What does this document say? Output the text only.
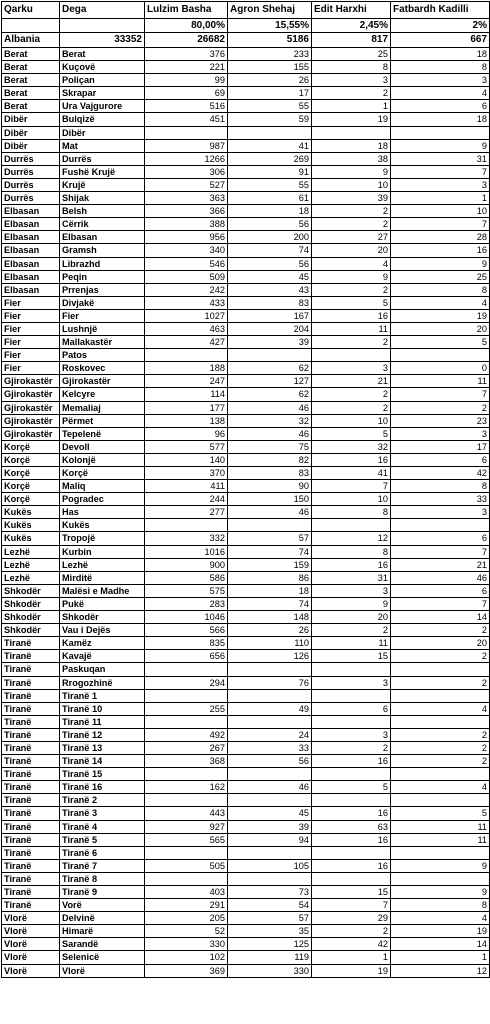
Qarku	Dega	Lulzim Basha	Agron Shehaj	Edit Harxhi	Fatbardh Kadilli
		80,00%	15,55%	2,45%	2%
Albania	33352	26682	5186	817	667
Berat	Berat	376	233	25	18
Berat	Kuçovë	221	155	8	8
Berat	Poliçan	99	26	3	3
Berat	Skrapar	69	17	2	4
Berat	Ura Vajgurore	516	55	1	6
Dibër	Bulqizë	451	59	19	18
Dibër	Dibër				
Dibër	Mat	987	41	18	9
Durrës	Durrës	1266	269	38	31
Durrës	Fushë Krujë	306	91	9	7
Durrës	Krujë	527	55	10	3
Durrës	Shijak	363	61	39	1
Elbasan	Belsh	366	18	2	10
Elbasan	Cërrik	388	56	2	7
Elbasan	Elbasan	956	200	27	28
Elbasan	Gramsh	340	74	20	16
Elbasan	Librazhd	546	56	4	9
Elbasan	Peqin	509	45	9	25
Elbasan	Prrenjas	242	43	2	8
Fier	Divjakë	433	83	5	4
Fier	Fier	1027	167	16	19
Fier	Lushnjë	463	204	11	20
Fier	Mallakastër	427	39	2	5
Fier	Patos				
Fier	Roskovec	188	62	3	0
Gjirokastër	Gjirokastër	247	127	21	11
Gjirokastër	Kelcyre	114	62	2	7
Gjirokastër	Memaliaj	177	46	2	2
Gjirokastër	Përmet	138	32	10	23
Gjirokastër	Tepelenë	96	46	5	3
Korçë	Devoll	577	75	32	17
Korçë	Kolonjë	140	82	16	6
Korçë	Korçë	370	83	41	42
Korçë	Maliq	411	90	7	8
Korçë	Pogradec	244	150	10	33
Kukës	Has	277	46	8	3
Kukës	Kukës				
Kukës	Tropojë	332	57	12	6
Lezhë	Kurbin	1016	74	8	7
Lezhë	Lezhë	900	159	16	21
Lezhë	Mirditë	586	86	31	46
Shkodër	Malësi e Madhe	575	18	3	6
Shkodër	Pukë	283	74	9	7
Shkodër	Shkodër	1046	148	20	14
Shkodër	Vau i Dejës	566	26	2	2
Tiranë	Kamëz	835	110	11	20
Tiranë	Kavajë	656	126	15	2
Tiranë	Paskuqan				
Tiranë	Rrogozhinë	294	76	3	2
Tiranë	Tiranë 1				
Tiranë	Tiranë 10	255	49	6	4
Tiranë	Tiranë 11				
Tiranë	Tiranë 12	492	24	3	2
Tiranë	Tiranë 13	267	33	2	2
Tiranë	Tiranë 14	368	56	16	2
Tiranë	Tiranë 15				
Tiranë	Tiranë 16	162	46	5	4
Tiranë	Tiranë 2				
Tiranë	Tiranë 3	443	45	16	5
Tiranë	Tiranë 4	927	39	63	11
Tiranë	Tiranë 5	565	94	16	11
Tiranë	Tiranë 6				
Tiranë	Tiranë 7	505	105	16	9
Tiranë	Tiranë 8				
Tiranë	Tiranë 9	403	73	15	9
Tiranë	Vorë	291	54	7	8
Vlorë	Delvinë	205	57	29	4
Vlorë	Himarë	52	35	2	19
Vlorë	Sarandë	330	125	42	14
Vlorë	Selenicë	102	119	1	1
Vlorë	Vlorë	369	330	19	12
